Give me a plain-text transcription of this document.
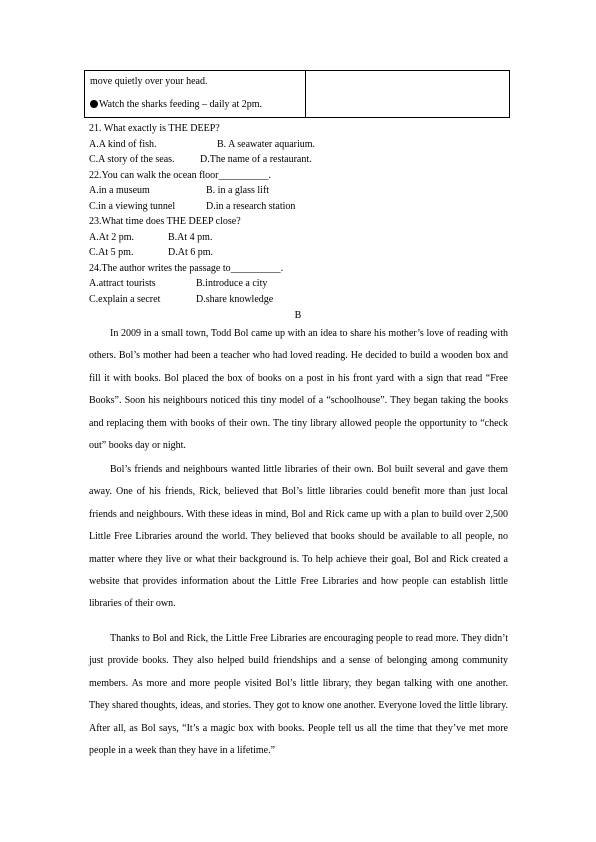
move quietly over your head.
Watch the sharks feeding – daily at 2pm.
21. What exactly is THE DEEP?
A.A kind of fish.	B. A seawater aquarium.
C.A story of the seas.	D.The name of a restaurant.
22.You can walk the ocean floor__________.
A.in a museum	B. in a glass lift
C.in a viewing tunnel	D.in a research station
23.What time does THE DEEP close?
A.At 2 pm.	B.At 4 pm.
C.At 5 pm.	D.At 6 pm.
24.The author writes the passage to__________.
A.attract tourists	B.introduce a city
C.explain a secret	D.share knowledge
B

In 2009 in a small town, Todd Bol came up with an idea to share his mother’s love of reading with others. Bol’s mother had been a teacher who had loved reading. He decided to build a wooden box and fill it with books. Bol placed the box of books on a post in his front yard with a sign that read “Free Books”. Soon his neighbours noticed this tiny model of a “schoolhouse”. They began taking the books and replacing them with books of their own. The tiny library allowed people the opportunity to “check out” books day or night.

Bol’s friends and neighbours wanted little libraries of their own. Bol built several and gave them away. One of his friends, Rick, believed that Bol’s little libraries could benefit more than just local friends and neighbours. With these ideas in mind, Bol and Rick came up with a plan to build over 2,500 Little Free Libraries around the world. They believed that books should be available to all people, no matter where they live or what their background is. To help achieve their goal, Bol and Rick created a website that provides information about the Little Free Libraries and how people can establish little libraries of their own.

Thanks to Bol and Rick, the Little Free Libraries are encouraging people to read more. They didn’t just provide books. They also helped build friendships and a sense of belonging among community members. As more and more people visited Bol’s little library, they began talking with one another. They shared thoughts, ideas, and stories. They got to know one another. Everyone loved the little library. After all, as Bol says, “It’s a magic box with books. People tell us all the time that they’ve met more people in a week than they have in a lifetime.”
